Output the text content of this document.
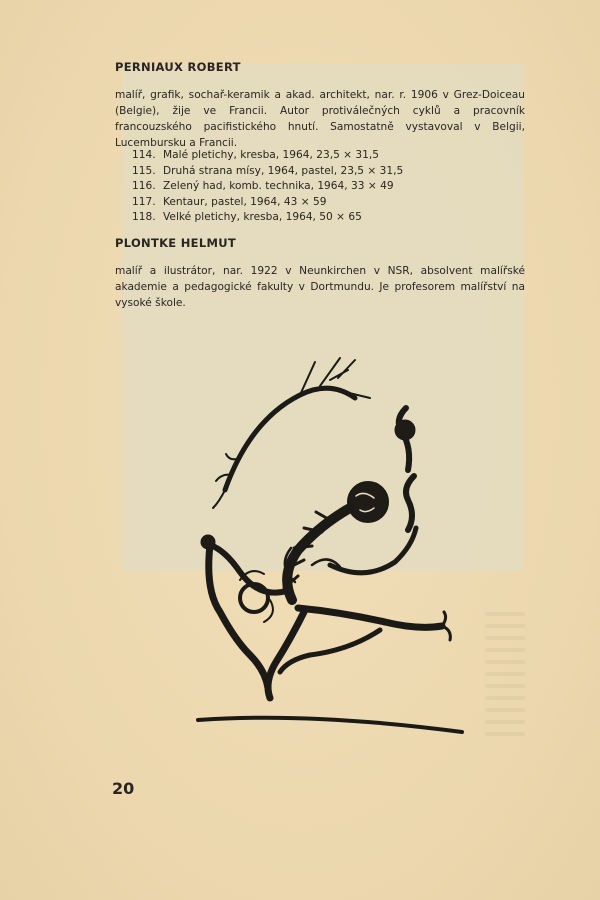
PERNIAUX ROBERT

malíř, grafik, sochař-keramik a akad. architekt, nar. r. 1906 v Grez-Doiceau (Belgie), žije ve Francii. Autor protiválečných cyklů a pracovník francouzského pacifistického hnutí. Samostatně vystavoval v Belgii, Lucembursku a Francii.

114. Malé pletichy, kresba, 1964, 23,5 × 31,5
115. Druhá strana mísy, 1964, pastel, 23,5 × 31,5
116. Zelený had, komb. technika, 1964, 33 × 49
117. Kentaur, pastel, 1964, 43 × 59
118. Velké pletichy, kresba, 1964, 50 × 65
PLONTKE HELMUT

malíř a ilustrátor, nar. 1922 v Neunkirchen v NSR, absolvent malířské akademie a pedagogické fakulty v Dortmundu. Je profesorem malířství na vysoké škole.

20
